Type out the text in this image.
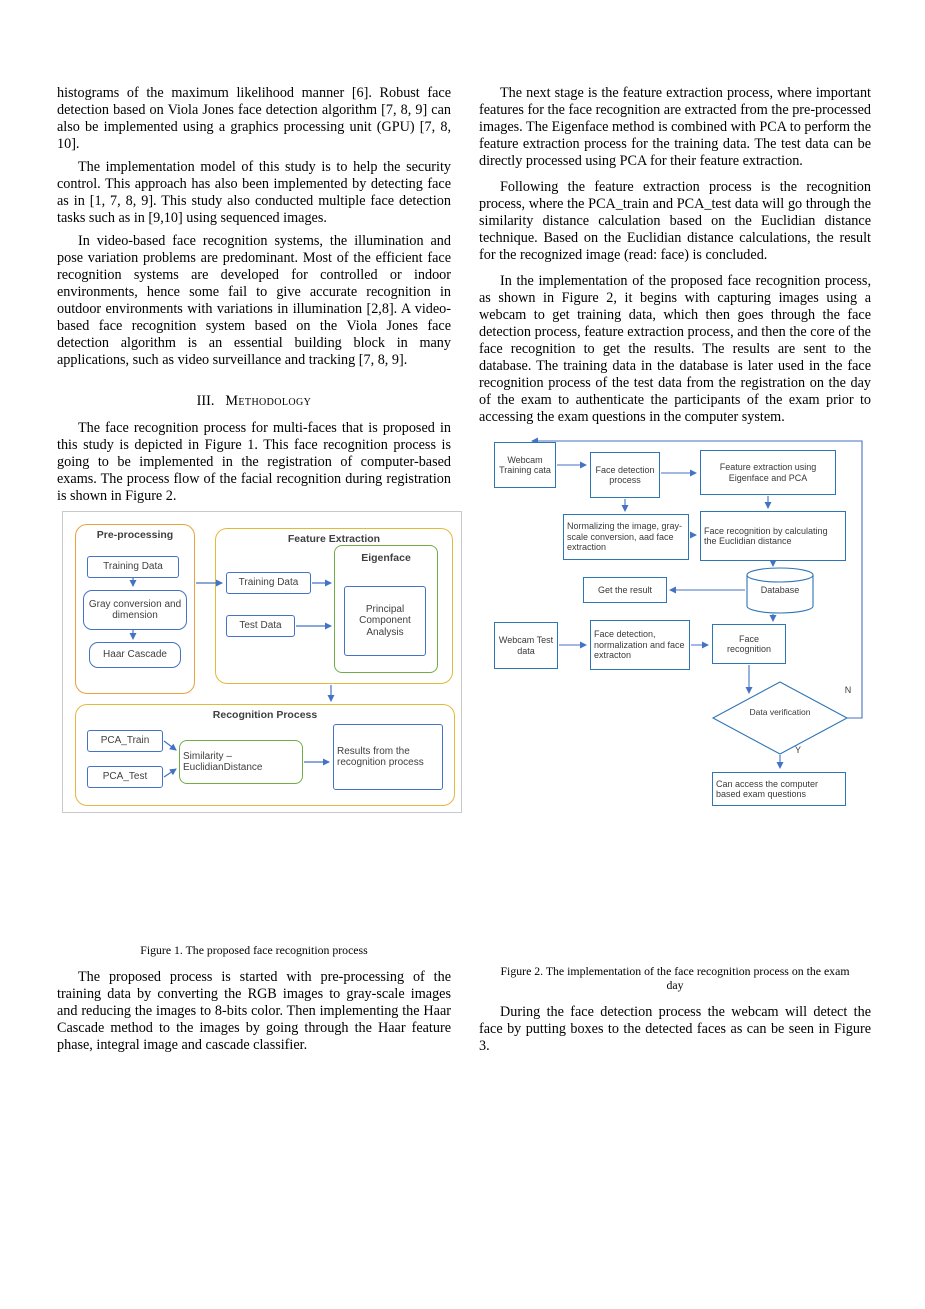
histograms of the maximum likelihood manner [6]. Robust face detection based on Viola Jones face detection algorithm [7, 8, 9] can also be implemented using a graphics processing unit (GPU) [7, 8, 10].

The implementation model of this study is to help the security control. This approach has also been implemented by detecting face as in [1, 7, 8, 9]. This study also conducted multiple face detection tasks such as in [9,10] using sequenced images.

In video-based face recognition systems, the illumination and pose variation problems are predominant. Most of the efficient face recognition systems are developed for controlled or indoor environments, hence some fail to give accurate recognition in outdoor environments with variations in illumination [2,8]. A video-based face recognition system based on the Viola Jones face detection algorithm is an essential building block in many applications, such as video surveillance and tracking [7, 8, 9].

III. Methodology

The face recognition process for multi-faces that is proposed in this study is depicted in Figure 1. This face recognition process is going to be implemented in the registration of computer-based exams. The process flow of the facial recognition during registration is shown in Figure 2.

Pre-processing	Feature Extraction
Eigenface
Recognition Process
Training Data
Gray conversion and dimension
Haar Cascade
Training Data
Test Data
Principal Component Analysis
PCA_Train
PCA_Test
Similarity – EuclidianDistance
Results from the recognition process

Figure 1. The proposed face recognition process

The proposed process is started with pre-processing of the training data by converting the RGB images to gray-scale images and reducing the images to 8-bits color. Then implementing the Haar Cascade method to the images by going through the Haar feature phase, integral image and cascade classifier.

The next stage is the feature extraction process, where important features for the face recognition are extracted from the pre-processed images. The Eigenface method is combined with PCA to perform the feature extraction process for the training data. The test data can be directly processed using PCA for their feature extraction.

Following the feature extraction process is the recognition process, where the PCA_train and PCA_test data will go through the similarity distance calculation based on the Euclidian distance technique. Based on the Euclidian distance calculations, the result for the recognized image (read: face) is concluded.

In the implementation of the proposed face recognition process, as shown in Figure 2, it begins with capturing images using a webcam to get training data, which then goes through the face detection process, feature extraction process, and then the core of the face recognition to get the results. The results are sent to the database. The training data in the database is later used in the face recognition process of the test data from the registration on the day of the exam to authenticate the participants of the exam prior to accessing the exam questions in the computer system.

Webcam Training cata	Face detection process
Feature extraction using Eigenface and PCA
Normalizing the image, gray-scale conversion, aad face extraction
Face recognition by calculating the Euclidian distance
Get the result	Database
Webcam Test data
Face detection, normalization and face extracton
Face recognition
Data verification
N
Y
Can access the computer based exam questions

Figure 2. The implementation of the face recognition process on the exam day

During the face detection process the webcam will detect the face by putting boxes to the detected faces as can be seen in Figure 3.
